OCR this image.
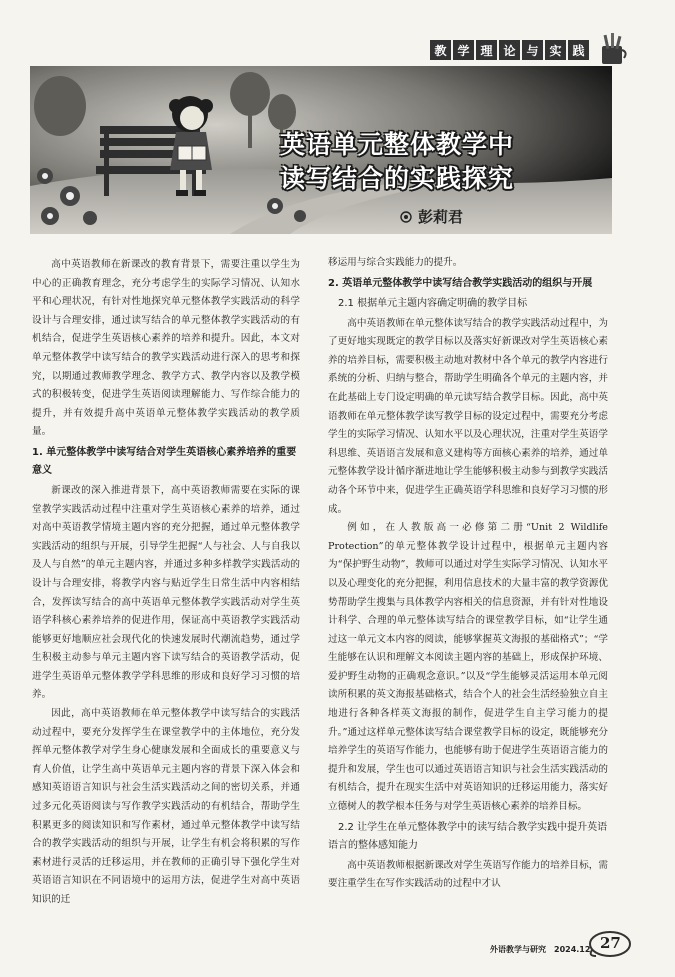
教 学 理 论 与 实 践
英语单元整体教学中
读写结合的实践探究
彭莉君

高中英语教师在新课改的教育背景下，需要注重以学生为中心的正确教育理念，充分考虑学生的实际学习情况、认知水平和心理状况，有针对性地探究单元整体教学实践活动的科学设计与合理安排，通过读写结合的单元整体教学实践活动的有机结合，促进学生英语核心素养的培养和提升。因此，本文对单元整体教学中读写结合的教学实践活动进行深入的思考和探究，以期通过教师教学理念、教学方式、教学内容以及教学模式的积极转变，促进学生英语阅读理解能力、写作综合能力的提升，并有效提升高中英语单元整体教学实践活动的教学质量。

1. 单元整体教学中读写结合对学生英语核心素养培养的重要意义

新课改的深入推进背景下，高中英语教师需要在实际的课堂教学实践活动过程中注重对学生英语核心素养的培养，通过对高中英语教学情境主题内容的充分把握，通过单元整体教学实践活动的组织与开展，引导学生把握“人与社会、人与自我以及人与自然”的单元主题内容，并通过多种多样教学实践活动的设计与合理安排，将教学内容与贴近学生日常生活中内容相结合，发挥读写结合的高中英语单元整体教学实践活动对学生英语学科核心素养培养的促进作用，保证高中英语教学实践活动能够更好地顺应社会现代化的快速发展时代潮流趋势，通过学生积极主动参与单元主题内容下读写结合的英语教学活动，促进学生英语单元整体教学学科思维的形成和良好学习习惯的培养。

因此，高中英语教师在单元整体教学中读写结合的实践活动过程中，要充分发挥学生在课堂教学中的主体地位，充分发挥单元整体教学对学生身心健康发展和全面成长的重要意义与育人价值，让学生高中英语单元主题内容的背景下深入体会和感知英语语言知识与社会生活实践活动之间的密切关系，并通过多元化英语阅读与写作教学实践活动的有机结合，帮助学生积累更多的阅读知识和写作素材，通过单元整体教学中读写结合的教学实践活动的组织与开展，让学生有机会将积累的写作素材进行灵活的迁移运用，并在教师的正确引导下强化学生对英语语言知识在不同语境中的运用方法，促进学生对高中英语知识的迁

移运用与综合实践能力的提升。

2. 英语单元整体教学中读写结合教学实践活动的组织与开展
2.1 根据单元主题内容确定明确的教学目标

高中英语教师在单元整体读写结合的教学实践活动过程中，为了更好地实现既定的教学目标以及落实好新课改对学生英语核心素养的培养目标，需要积极主动地对教材中各个单元的教学内容进行系统的分析、归纳与整合，帮助学生明确各个单元的主题内容，并在此基础上专门设定明确的单元读写结合教学目标。因此，高中英语教师在单元整体教学读写教学目标的设定过程中，需要充分考虑学生的实际学习情况、认知水平以及心理状况，注重对学生英语学科思维、英语语言发展和意义建构等方面核心素养的培养，通过单元整体教学设计循序渐进地让学生能够积极主动参与到教学实践活动各个环节中来，促进学生正确英语学科思维和良好学习习惯的形成。

例如，在人教版高一必修第二册“Unit 2 Wildlife Protection”的单元整体教学设计过程中，根据单元主题内容为“保护野生动物”，教师可以通过对学生实际学习情况、认知水平以及心理变化的充分把握，利用信息技术的大量丰富的教学资源优势帮助学生搜集与具体教学内容相关的信息资源，并有针对性地设计科学、合理的单元整体读写结合的课堂教学目标，如“让学生通过这一单元文本内容的阅读，能够掌握英文海报的基础格式”；“学生能够在认识和理解文本阅读主题内容的基础上，形成保护环境、爱护野生动物的正确观念意识。”以及“学生能够灵活运用本单元阅读所积累的英文海报基础格式，结合个人的社会生活经验独立自主地进行各种各样英文海报的制作，促进学生自主学习能力的提升。”通过这样单元整体读写结合课堂教学目标的设定，既能够充分培养学生的英语写作能力，也能够有助于促进学生英语语言能力的提升和发展，学生也可以通过英语语言知识与社会生活实践活动的有机结合，提升在现实生活中对英语知识的迁移运用能力，落实好立德树人的教学根本任务与对学生英语核心素养的培养目标。

2.2 让学生在单元整体教学中的读写结合教学实践中提升英语语言的整体感知能力

高中英语教师根据新课改对学生英语写作能力的培养目标，需要注重学生在写作实践活动的过程中才认

外语教学与研究　2024.12 27
